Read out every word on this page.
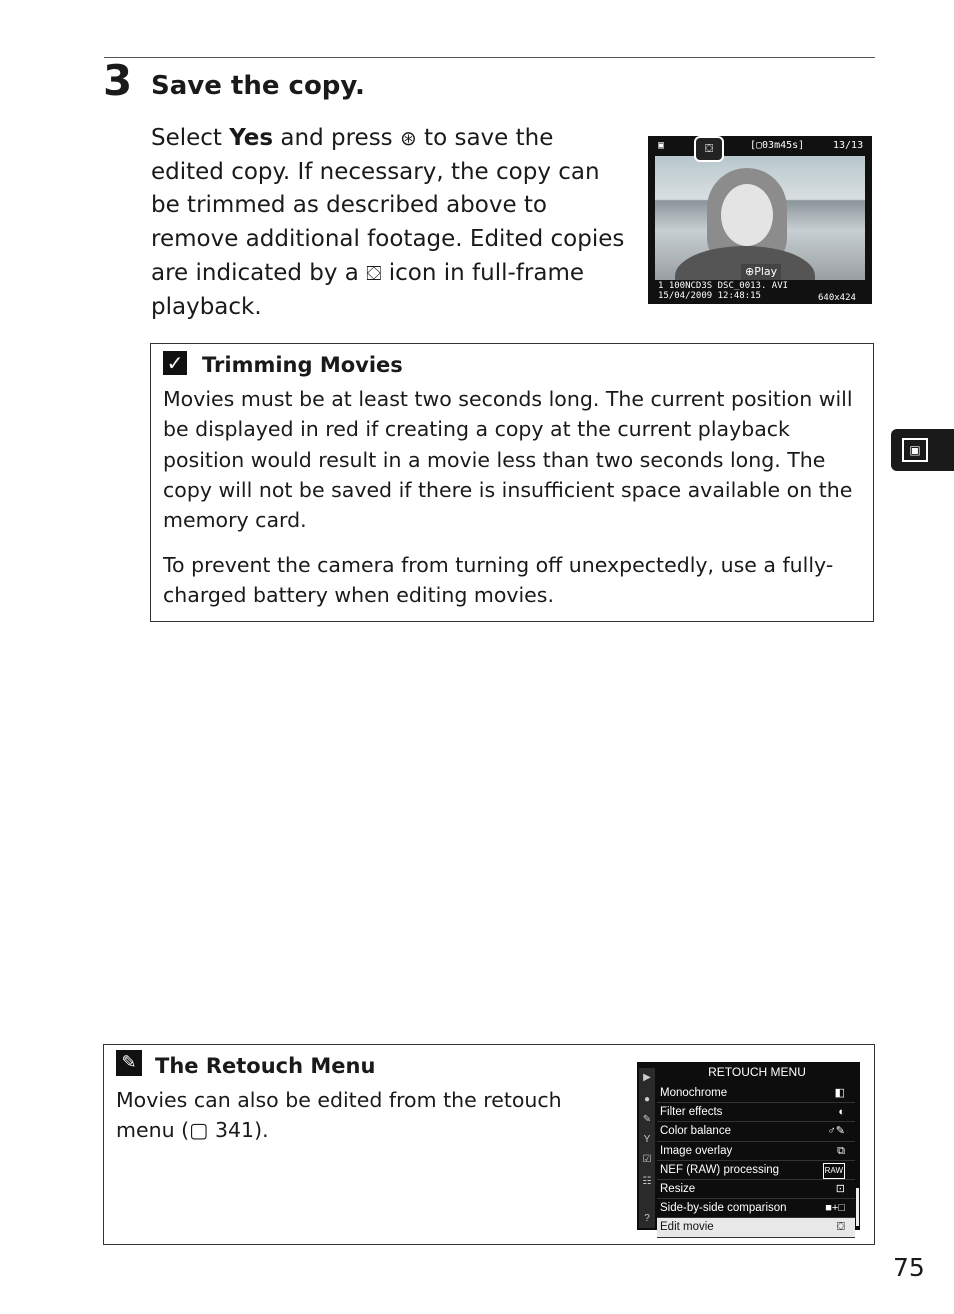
3 Save the copy.

Select Yes and press ⊛ to save the edited copy. If necessary, the copy can be trimmed as described above to remove additional footage. Edited copies are indicated by a ⛋ icon in full-frame playback.

▣	[▢03m45s]	13/13
⛋
⊕Play
1 100NCD3S DSC_0013. AVI
15/04/2009 12:48:15	640x424
✓ Trimming Movies

Movies must be at least two seconds long. The current position will be displayed in red if creating a copy at the current playback position would result in a movie less than two seconds long. The copy will not be saved if there is insufficient space available on the memory card.

To prevent the camera from turning off unexpectedly, use a fully-charged battery when editing movies.

✎ The Retouch Menu

Movies can also be edited from the retouch menu (▢ 341).

▶
●
✎
Y
☑
☷
?
RETOUCH MENU
Monochrome	◧
Filter effects	◐
Color balance	♂✎
Image overlay	⧉
NEF (RAW) processing	RAW
Resize	⊡
Side-by-side comparison	■+□
Edit movie	⛋
▣
75
